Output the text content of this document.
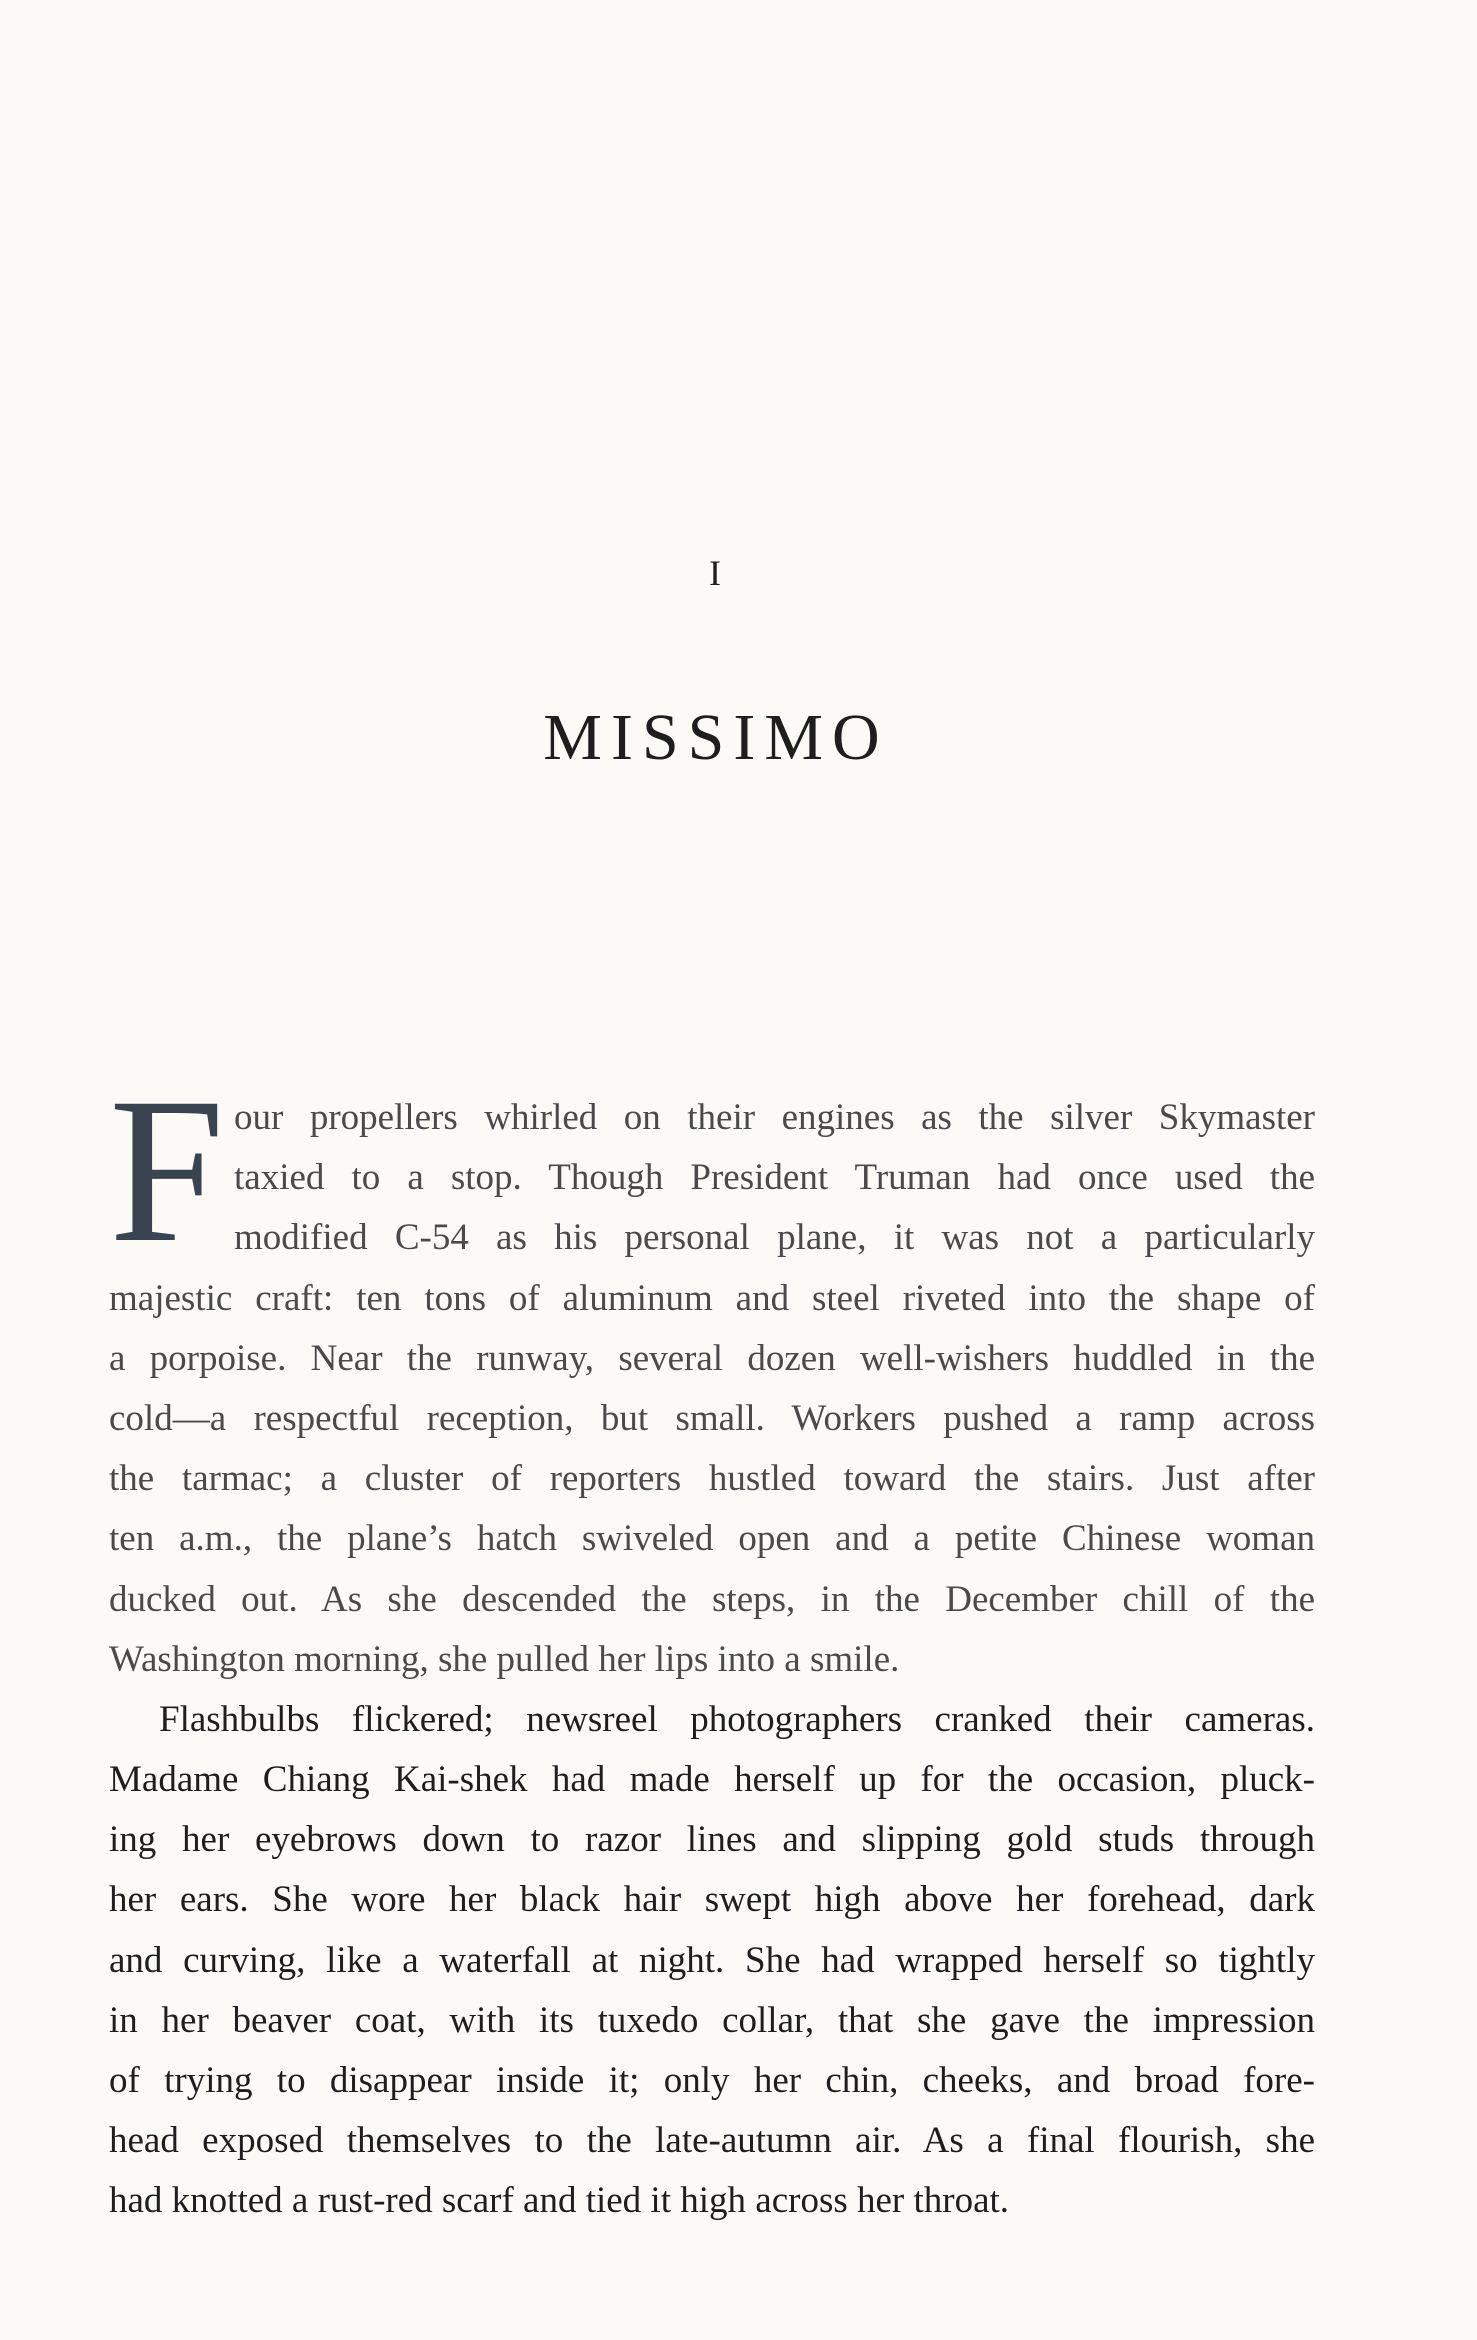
I
MISSIMO
F our propellers whirled on their engines as the silver Skymaster
taxied to a stop. Though President Truman had once used the
modified C-54 as his personal plane, it was not a particularly
majestic craft: ten tons of aluminum and steel riveted into the shape of
a porpoise. Near the runway, several dozen well-wishers huddled in the
cold—a respectful reception, but small. Workers pushed a ramp across
the tarmac; a cluster of reporters hustled toward the stairs. Just after
ten a.m., the plane’s hatch swiveled open and a petite Chinese woman
ducked out. As she descended the steps, in the December chill of the
Washington morning, she pulled her lips into a smile.
Flashbulbs flickered; newsreel photographers cranked their cameras.
Madame Chiang Kai-shek had made herself up for the occasion, pluck-
ing her eyebrows down to razor lines and slipping gold studs through
her ears. She wore her black hair swept high above her forehead, dark
and curving, like a waterfall at night. She had wrapped herself so tightly
in her beaver coat, with its tuxedo collar, that she gave the impression
of trying to disappear inside it; only her chin, cheeks, and broad fore-
head exposed themselves to the late-autumn air. As a final flourish, she
had knotted a rust-red scarf and tied it high across her throat.
